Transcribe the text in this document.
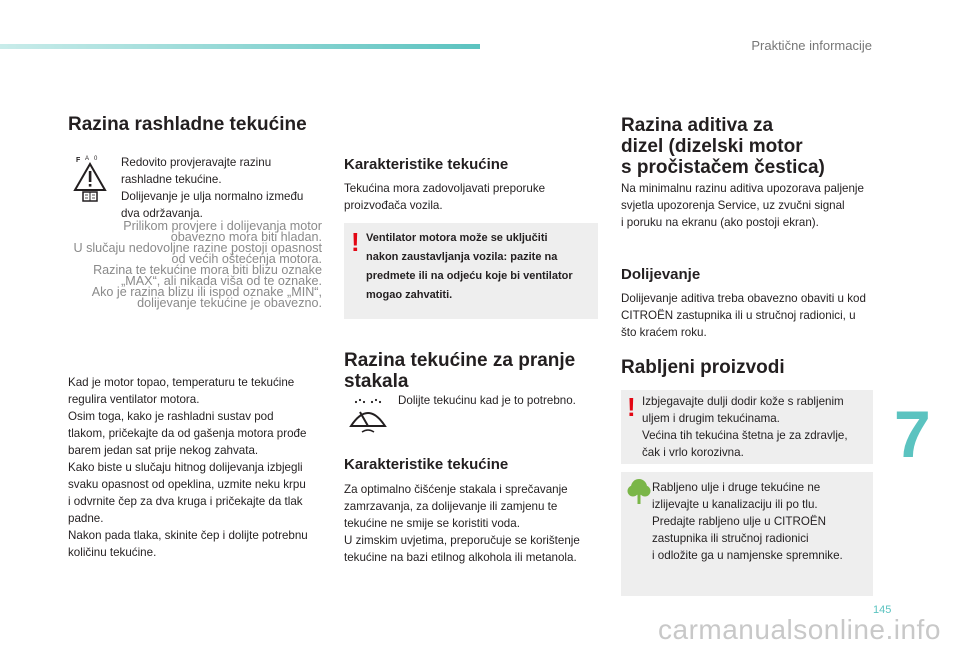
Praktične informacije
Razina rashladne tekućine
F A 0 Redovito provjeravajte razinu
rashladne tekućine.
Dolijevanje je ulja normalno između
dva održavanja.
Prilikom provjere i dolijevanja motor
obavezno mora biti hladan.
U slučaju nedovoljne razine postoji opasnost
od većih oštećenja motora.
Razina te tekućine mora biti blizu oznake
„MAX“, ali nikada viša od te oznake.
Ako je razina blizu ili ispod oznake „MIN“,
dolijevanje tekućine je obavezno.
Kad je motor topao, temperaturu te tekućine
regulira ventilator motora.
Osim toga, kako je rashladni sustav pod
tlakom, pričekajte da od gašenja motora prođe
barem jedan sat prije nekog zahvata.
Kako biste u slučaju hitnog dolijevanja izbjegli
svaku opasnost od opeklina, uzmite neku krpu
i odvrnite čep za dva kruga i pričekajte da tlak
padne.
Nakon pada tlaka, skinite čep i dolijte potrebnu
količinu tekućine.
Karakteristike tekućine
Tekućina mora zadovoljavati preporuke
proizvođača vozila.
! Ventilator motora može se uključiti
nakon zaustavljanja vozila: pazite na
predmete ili na odjeću koje bi ventilator
mogao zahvatiti.
Razina tekućine za pranje
stakala
Dolijte tekućinu kad je to potrebno.
Karakteristike tekućine
Za optimalno čišćenje stakala i sprečavanje
zamrzavanja, za dolijevanje ili zamjenu te
tekućine ne smije se koristiti voda.
U zimskim uvjetima, preporučuje se korištenje
tekućine na bazi etilnog alkohola ili metanola.
Razina aditiva za
dizel (dizelski motor
s pročistačem čestica)
Na minimalnu razinu aditiva upozorava paljenje
svjetla upozorenja Service, uz zvučni signal
i poruku na ekranu (ako postoji ekran).
Dolijevanje
Dolijevanje aditiva treba obavezno obaviti u kod
CITROËN zastupnika ili u stručnoj radionici, u
što kraćem roku.
Rabljeni proizvodi
! Izbjegavajte dulji dodir kože s rabljenim
uljem i drugim tekućinama.
Većina tih tekućina štetna je za zdravlje,
čak i vrlo korozivna.
Rabljeno ulje i druge tekućine ne
izlijevajte u kanalizaciju ili po tlu.
Predajte rabljeno ulje u CITROËN
zastupnika ili stručnoj radionici
i odložite ga u namjenske spremnike.
7
145
carmanualsonline.info
